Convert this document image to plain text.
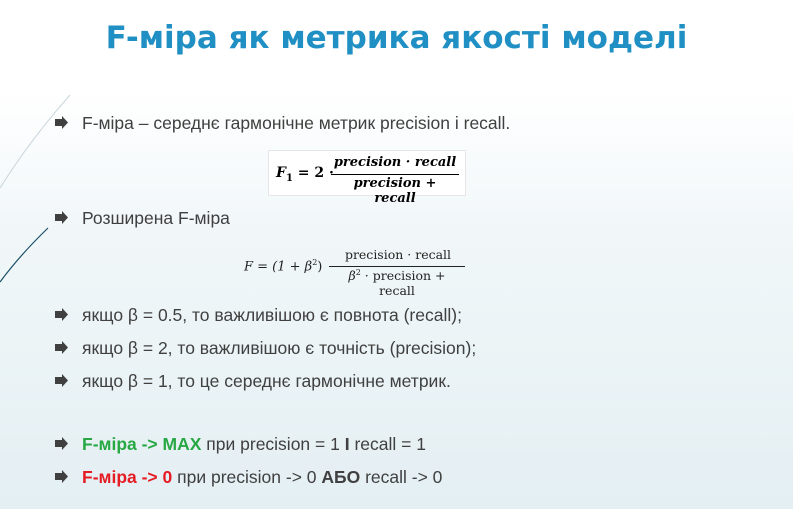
F-міра як метрика якості моделі
F-міра – середнє гармонічне метрик precision і recall.
$F_1 = 2$ ·
precision · recall
precision + recall
Розширена F-міра
$F = (1 + \beta^2)$
precision · recall
$\beta^2$ · precision + recall
якщо β = 0.5, то важливішою є повнота (recall);
якщо β = 2, то важливішою є точність (precision);
якщо β = 1, то це середнє гармонічне метрик.
F-міра -> MAX при precision = 1 І recall = 1
F-міра -> 0 при precision -> 0 АБО recall -> 0
